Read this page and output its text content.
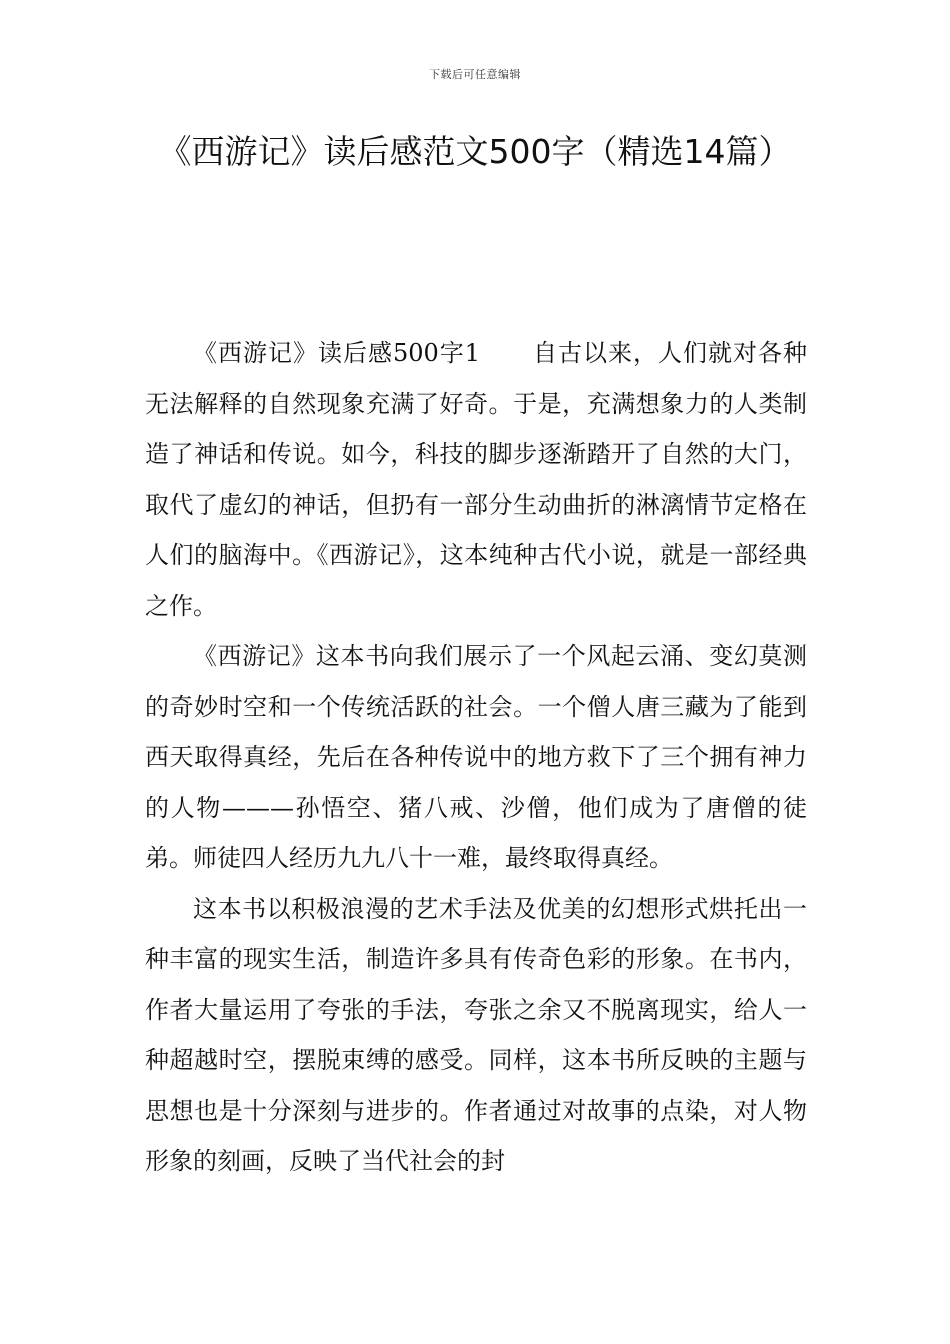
下载后可任意编辑
《西游记》读后感范文500字（精选14篇）

《西游记》读后感500字1 自古以来，人们就对各种无法解释的自然现象充满了好奇。于是，充满想象力的人类制造了神话和传说。如今，科技的脚步逐渐踏开了自然的大门，取代了虚幻的神话，但扔有一部分生动曲折的淋漓情节定格在人们的脑海中。《西游记》，这本纯种古代小说，就是一部经典之作。

《西游记》这本书向我们展示了一个风起云涌、变幻莫测的奇妙时空和一个传统活跃的社会。一个僧人唐三藏为了能到西天取得真经，先后在各种传说中的地方救下了三个拥有神力的人物———孙悟空、猪八戒、沙僧，他们成为了唐僧的徒弟。师徒四人经历九九八十一难，最终取得真经。

这本书以积极浪漫的艺术手法及优美的幻想形式烘托出一种丰富的现实生活，制造许多具有传奇色彩的形象。在书内，作者大量运用了夸张的手法，夸张之余又不脱离现实，给人一种超越时空，摆脱束缚的感受。同样，这本书所反映的主题与思想也是十分深刻与进步的。作者通过对故事的点染，对人物形象的刻画，反映了当代社会的封
